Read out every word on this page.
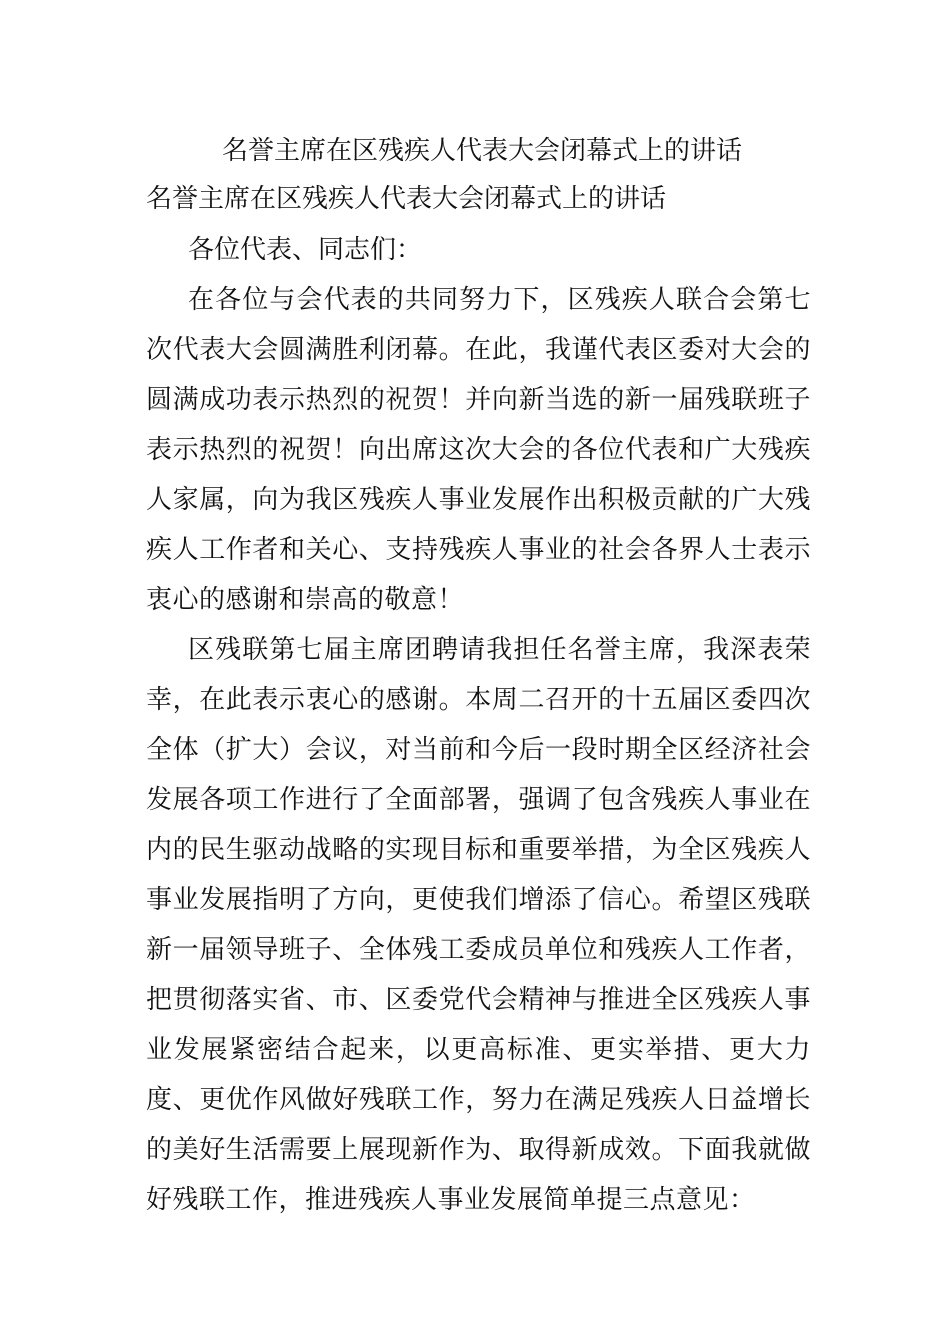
名誉主席在区残疾人代表大会闭幕式上的讲话
名誉主席在区残疾人代表大会闭幕式上的讲话

各位代表、同志们：

在各位与会代表的共同努力下，区残疾人联合会第七次代表大会圆满胜利闭幕。在此，我谨代表区委对大会的圆满成功表示热烈的祝贺！并向新当选的新一届残联班子表示热烈的祝贺！向出席这次大会的各位代表和广大残疾人家属，向为我区残疾人事业发展作出积极贡献的广大残疾人工作者和关心、支持残疾人事业的社会各界人士表示衷心的感谢和崇高的敬意！

区残联第七届主席团聘请我担任名誉主席，我深表荣幸，在此表示衷心的感谢。本周二召开的十五届区委四次全体（扩大）会议，对当前和今后一段时期全区经济社会发展各项工作进行了全面部署，强调了包含残疾人事业在内的民生驱动战略的实现目标和重要举措，为全区残疾人事业发展指明了方向，更使我们增添了信心。希望区残联新一届领导班子、全体残工委成员单位和残疾人工作者，把贯彻落实省、市、区委党代会精神与推进全区残疾人事业发展紧密结合起来，以更高标准、更实举措、更大力度、更优作风做好残联工作，努力在满足残疾人日益增长的美好生活需要上展现新作为、取得新成效。下面我就做好残联工作，推进残疾人事业发展简单提三点意见：
